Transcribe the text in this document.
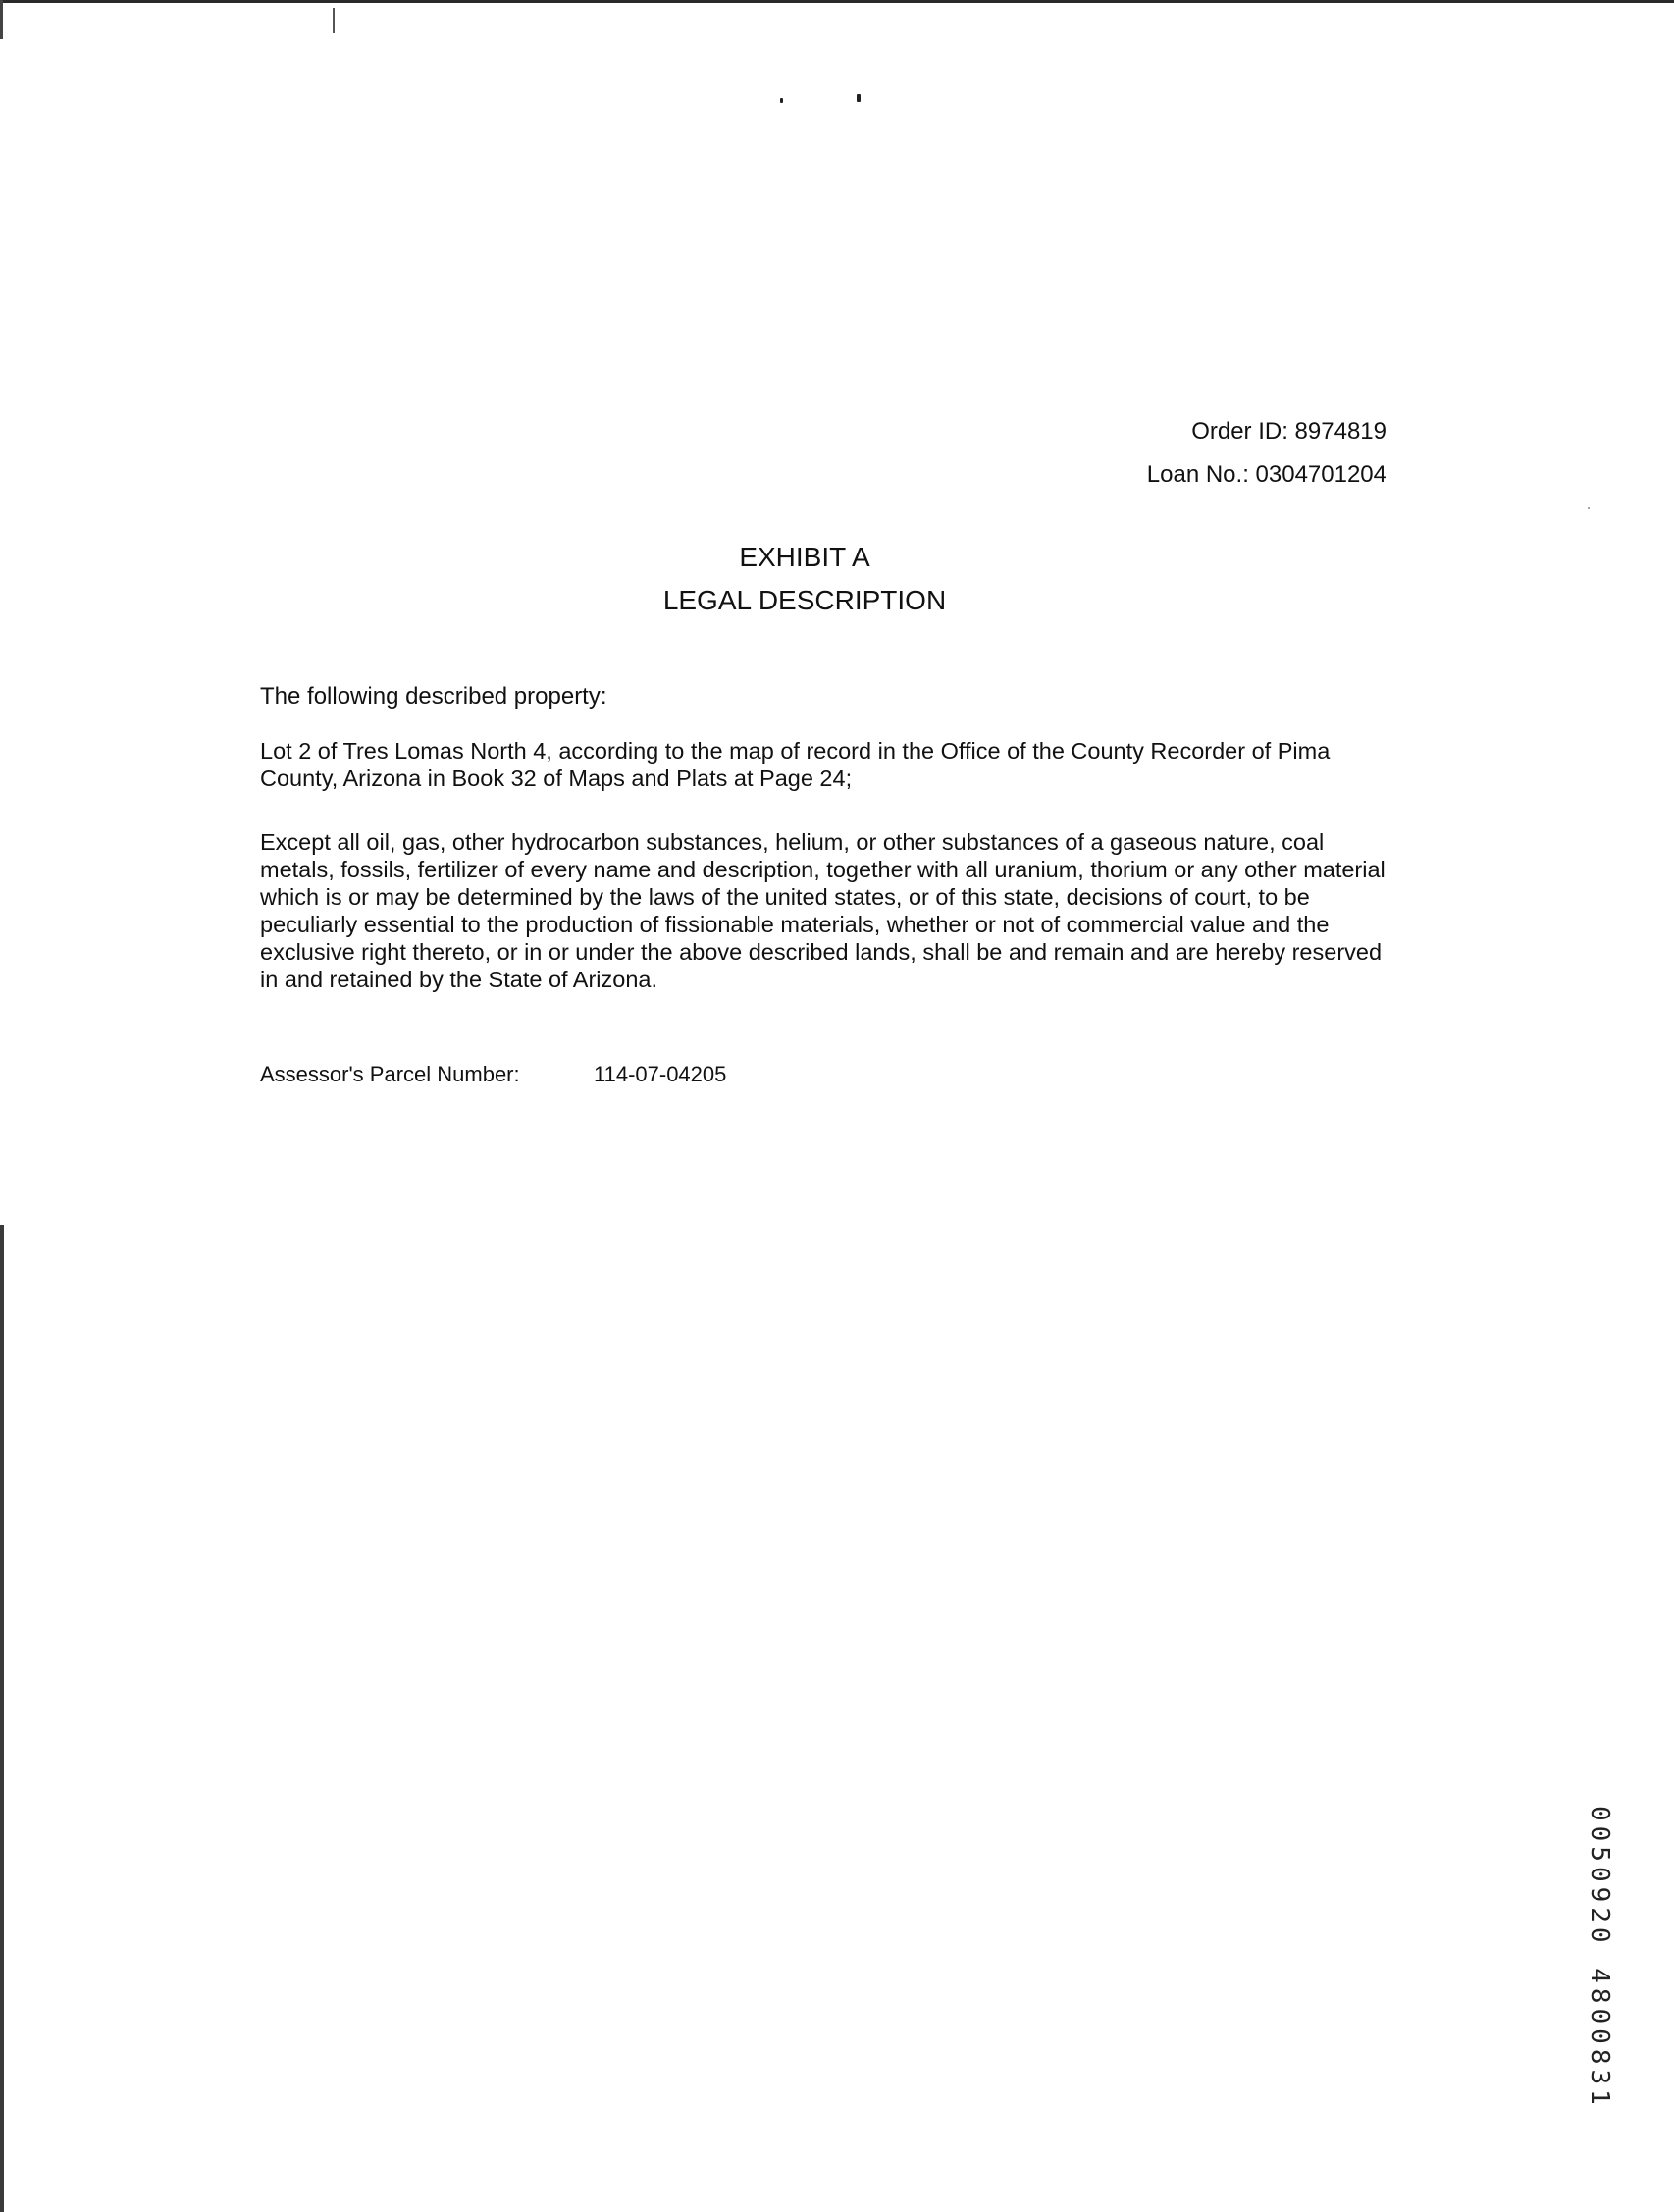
Order ID: 8974819
Loan No.: 0304701204
EXHIBIT A
LEGAL DESCRIPTION
The following described property:
Lot 2 of Tres Lomas North 4, according to the map of record in the Office of the County Recorder of Pima County, Arizona in Book 32 of Maps and Plats at Page 24;
Except all oil, gas, other hydrocarbon substances, helium, or other substances of a gaseous nature, coal metals, fossils, fertilizer of every name and description, together with all uranium, thorium or any other material which is or may be determined by the laws of the united states, or of this state, decisions of court, to be peculiarly essential to the production of fissionable materials, whether or not of commercial value and the exclusive right thereto, or in or under the above described lands, shall be and remain and are hereby reserved in and retained by the State of Arizona.
Assessor's Parcel Number:	114-07-04205
0050920 4800831
